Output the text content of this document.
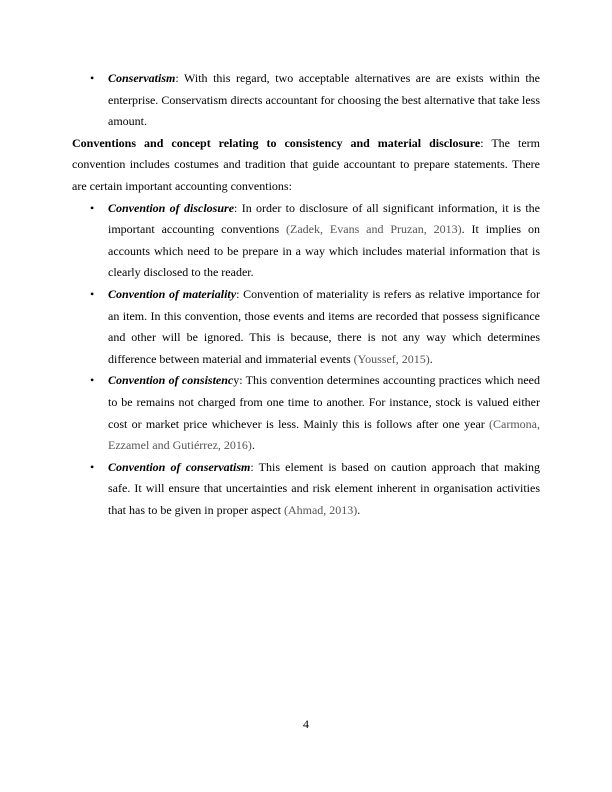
•	Conservatism: With this regard, two acceptable alternatives are are exists within the enterprise. Conservatism directs accountant for choosing the best alternative that take less amount.

Conventions and concept relating to consistency and material disclosure: The term convention includes costumes and tradition that guide accountant to prepare statements. There are certain important accounting conventions:

•	Convention of disclosure: In order to disclosure of all significant information, it is the important accounting conventions (Zadek, Evans and Pruzan, 2013). It implies on accounts which need to be prepare in a way which includes material information that is clearly disclosed to the reader.

•	Convention of materiality: Convention of materiality is refers as relative importance for an item. In this convention, those events and items are recorded that possess significance and other will be ignored. This is because, there is not any way which determines difference between material and immaterial events (Youssef, 2015).

•	Convention of consistency: This convention determines accounting practices which need to be remains not charged from one time to another. For instance, stock is valued either cost or market price whichever is less. Mainly this is follows after one year (Carmona, Ezzamel and Gutiérrez, 2016).

•	Convention of conservatism: This element is based on caution approach that making safe. It will ensure that uncertainties and risk element inherent in organisation activities that has to be given in proper aspect (Ahmad, 2013).

4
